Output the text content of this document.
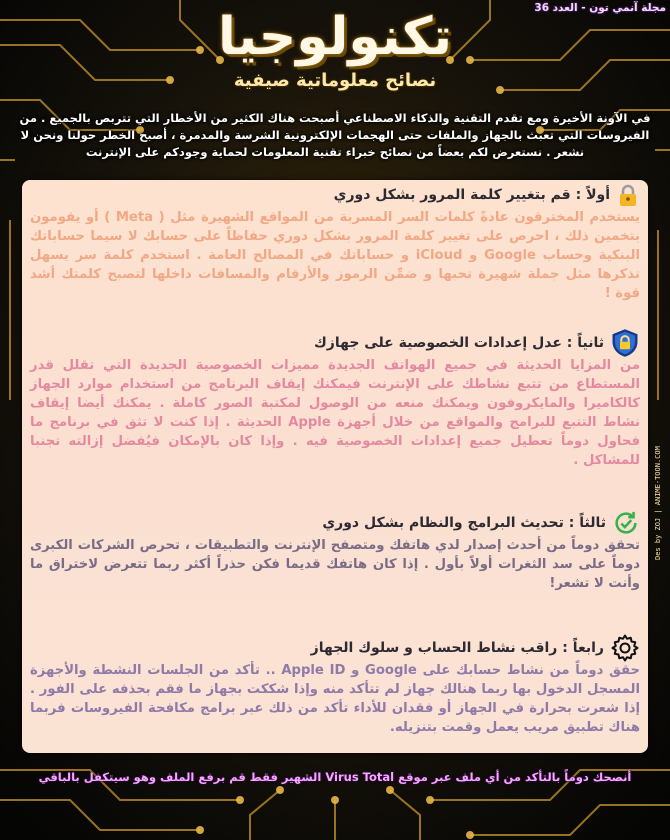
مجلة آنمي تون - العدد 36
تكنولوجيا
نصائح معلوماتية صيفية
في الآونة الأخيرة ومع تقدم التقنية والذكاء الاصطناعي أصبحت هناك الكثير من الأخطار التي تتربص بالجميع . من الفيروسات التي تعبث بالجهاز والملفات حتى الهجمات الإلكترونية الشرسة والمدمرة ، أصبح الخطر حولنا ونحن لا نشعر . نستعرض لكم بعضاً من نصائح خبراء تقنية المعلومات لحماية وجودكم على الإنترنت
أولاً : قم بتغيير كلمة المرور بشكل دوري
يستخدم المخترقون عادةً كلمات السر المسربة من المواقع الشهيرة مثل ( Meta ) أو يقومون بتخمين ذلك ، احرص على تغيير كلمة المرور بشكل دوري حفاظاً على حسابك لا سيما حساباتك البنكية وحساب Google و iCloud و حساباتك في المصالح العامة . استخدم كلمة سر يسهل تذكرها مثل جملة شهيرة تحبها و ضمِّن الرموز والأرقام والمسافات داخلها لتصبح كلمتك أشد قوة !
ثانياً : عدل إعدادات الخصوصية على جهازك
من المزايا الحديثة في جميع الهواتف الجديدة مميزات الخصوصية الجديدة التي تقلل قدر المستطاع من تتبع نشاطك على الإنترنت فيمكنك إيقاف البرنامج من استخدام موارد الجهاز كالكاميرا والمايكروفون ويمكنك منعه من الوصول لمكتبة الصور كاملة . يمكنك أيضا إيقاف نشاط التتبع للبرامج والمواقع من خلال أجهزة Apple الحديثة . إذا كنت لا تثق في برنامج ما فحاول دوماً تعطيل جميع إعدادات الخصوصية فيه . وإذا كان بالإمكان فيُفضل إزالته تجنبا للمشاكل .
ثالثاً : تحديث البرامج والنظام بشكل دوري
تحقق دوماً من أحدث إصدار لدي هاتفك ومتصفح الإنترنت والتطبيقات ، تحرص الشركات الكبرى دوماً على سد الثغرات أولاً بأول . إذا كان هاتفك قديما فكن حذراً أكثر ربما تتعرض لاختراق ما وأنت لا تشعر!
رابعاً : راقب نشاط الحساب و سلوك الجهاز
حقق دوماً من نشاط حسابك على Google و Apple ID .. تأكد من الجلسات النشطة والأجهزة المسجل الدخول بها ربما هنالك جهاز لم تتأكد منه وإذا شككت بجهاز ما فقم بحذفه على الفور . إذا شعرت بحرارة في الجهاز أو فقدان للأداء تأكد من ذلك عبر برامج مكافحة الفيروسات فربما هناك تطبيق مريب يعمل وقمت بتنزيله.
Des by ZOJ | ANIME-TOON.COM
أنصحك دوماً بالتأكد من أي ملف عبر موقع Virus Total الشهير فقط قم برفع الملف وهو سيتكفل بالباقي
